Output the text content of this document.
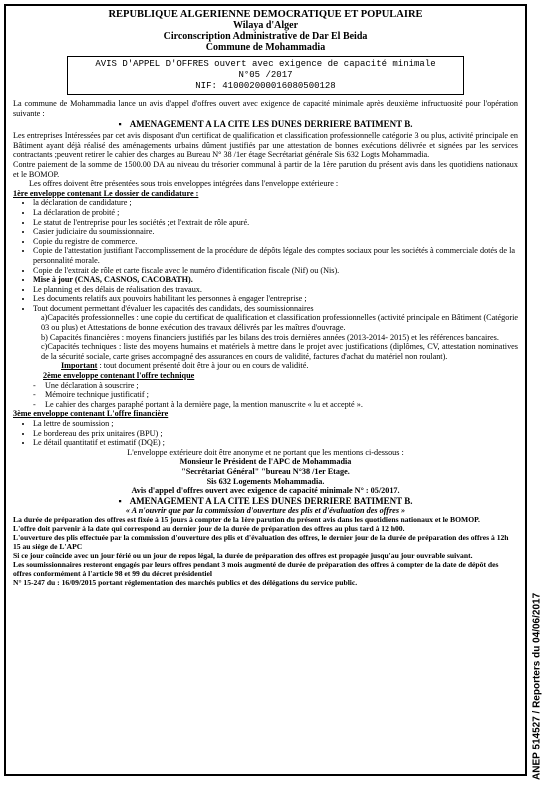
REPUBLIQUE ALGERIENNE DEMOCRATIQUE ET POPULAIRE
Wilaya d'Alger
Circonscription Administrative de Dar El Beida
Commune de Mohammadia
AVIS D'APPEL D'OFFRES ouvert avec exigence de capacité minimale
N°05 /2017
NIF: 410002000016080500128

La commune de Mohammadia lance un avis d'appel d'offres ouvert avec exigence de capacité minimale après deuxième infructuosité pour l'opération suivante :

▪ AMENAGEMENT A LA CITE LES DUNES DERRIERE BATIMENT B.

Les entreprises Intéressées par cet avis disposant d'un certificat de qualification et classification professionnelle catégorie 3 ou plus, activité principale en Bâtiment ayant déjà réalisé des aménagements urbains dûment justifiés par une attestation de bonnes exécutions délivrée et signées par les services contractants ;peuvent retirer le cahier des charges au Bureau N° 38 /1er étage Secrétariat générale Sis 632 Logts Mohammadia.

Contre paiement de la somme de 1500.00 DA au niveau du trésorier communal à partir de la 1ère parution du présent avis dans les quotidiens nationaux et le BOMOP.

Les offres doivent être présentées sous trois enveloppes intégrées dans l'enveloppe extérieure :

1ère enveloppe contenant Le dossier de candidature :
• la déclaration de candidature ;
• La déclaration de probité ;
• Le statut de l'entreprise pour les sociétés ;et l'extrait de rôle apuré.
• Casier judiciaire du soumissionnaire.
• Copie du registre de commerce.
• Copie de l'attestation justifiant l'accomplissement de la procédure de dépôts légale des comptes sociaux pour les sociétés à commerciale dotés de la personnalité morale.
• Copie de l'extrait de rôle et carte fiscale avec le numéro d'identification fiscale (Nif) ou (Nis).
• Mise à jour (CNAS, CASNOS, CACOBATH).
• Le planning et des délais de réalisation des travaux.
• Les documents relatifs aux pouvoirs habilitant les personnes à engager l'entreprise ;
• Tout document permettant d'évaluer les capacités des candidats, des soumissionnaires

a)Capacités professionnelles : une copie du certificat de qualification et classification professionnelles (activité principale en Bâtiment (Catégorie 03 ou plus) et Attestations de bonne exécution des travaux délivrés par les maîtres d'ouvrage.

b) Capacités financières : moyens financiers justifiés par les bilans des trois dernières années (2013-2014- 2015) et les références bancaires.

c)Capacités techniques : liste des moyens humains et matériels à mettre dans le projet avec justifications (diplômes, CV, attestation nominatives de la sécurité sociale, carte grises accompagné des assurances en cours de validité, factures d'achat du matériel non roulant).

Important : tout document présenté doit être à jour ou en cours de validité.

2ème enveloppe contenant l'offre technique
- Une déclaration à souscrire ;
- Mémoire technique justificatif ;
- Le cahier des charges paraphé portant à la dernière page, la mention manuscrite « lu et accepté ».
3ème enveloppe contenant L'offre financière
• La lettre de soumission ;
• Le bordereau des prix unitaires (BPU) ;
• Le détail quantitatif et estimatif (DQE) ;

L'enveloppe extérieure doit être anonyme et ne portant que les mentions ci-dessous :

Monsieur le Président de l'APC de Mohammadia

"Secrétariat Général" "bureau N°38 /1er Etage.

Sis 632 Logements Mohammadia.

Avis d'appel d'offres ouvert avec exigence de capacité minimale N° : 05/2017.

▪ AMENAGEMENT A LA CITE LES DUNES DERRIERE BATIMENT B.

« A n'ouvrir que par la commission d'ouverture des plis et d'évaluation des offres »

La durée de préparation des offres est fixée à 15 jours à compter de la 1ère parution du présent avis dans les quotidiens nationaux et le BOMOP.
L'offre doit parvenir à la date qui correspond au dernier jour de la durée de préparation des offres au plus tard à 12 h00.
L'ouverture des plis effectuée par la commission d'ouverture des plis et d'évaluation des offres, le dernier jour de la durée de préparation des offres à 12h 15 au siège de L'APC
Si ce jour coïncide avec un jour férié ou un jour de repos légal, la durée de préparation des offres est propagée jusqu'au jour ouvrable suivant.
Les soumissionnaires resteront engagés par leurs offres pendant 3 mois augmenté de durée de préparation des offres à compter de la date de dépôt des offres conformément à l'article 98 et 99 du décret présidentiel
N° 15-247 du : 16/09/2015 portant réglementation des marchés publics et des délégations du service public.
ANEP 514527 / Reporters du 04/06/2017
